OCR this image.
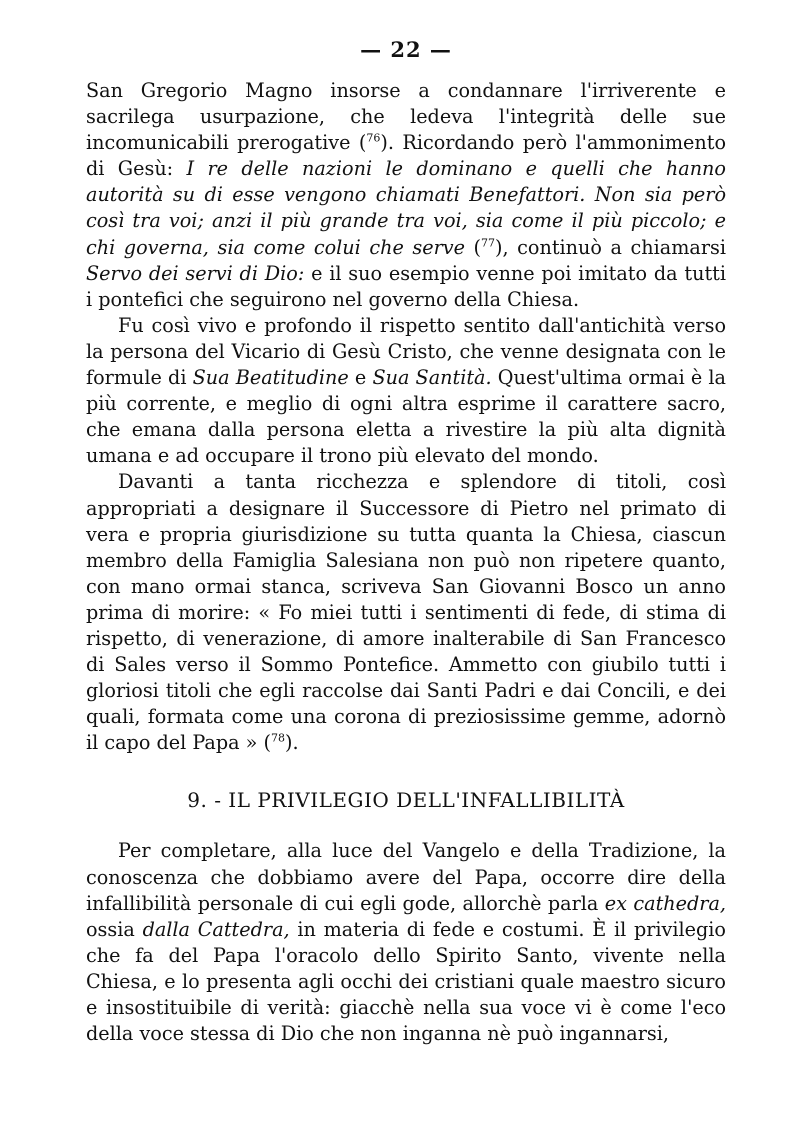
— 22 —

San Gregorio Magno insorse a condannare l'irriverente e sacrilega usurpazione, che ledeva l'integrità delle sue incomunicabili prerogative ($^{76}$). Ricordando però l'ammonimento di Gesù: I re delle nazioni le dominano e quelli che hanno autorità su di esse vengono chiamati Benefattori. Non sia però così tra voi; anzi il più grande tra voi, sia come il più piccolo; e chi governa, sia come colui che serve ($^{77}$), continuò a chiamarsi Servo dei servi di Dio: e il suo esempio venne poi imitato da tutti i pontefici che seguirono nel governo della Chiesa.

Fu così vivo e profondo il rispetto sentito dall'antichità verso la persona del Vicario di Gesù Cristo, che venne designata con le formule di Sua Beatitudine e Sua Santità. Quest'ultima ormai è la più corrente, e meglio di ogni altra esprime il carattere sacro, che emana dalla persona eletta a rivestire la più alta dignità umana e ad occupare il trono più elevato del mondo.

Davanti a tanta ricchezza e splendore di titoli, così appropriati a designare il Successore di Pietro nel primato di vera e propria giurisdizione su tutta quanta la Chiesa, ciascun membro della Famiglia Salesiana non può non ripetere quanto, con mano ormai stanca, scriveva San Giovanni Bosco un anno prima di morire: « Fo miei tutti i sentimenti di fede, di stima di rispetto, di venerazione, di amore inalterabile di San Francesco di Sales verso il Sommo Pontefice. Ammetto con giubilo tutti i gloriosi titoli che egli raccolse dai Santi Padri e dai Concili, e dei quali, formata come una corona di preziosissime gemme, adornò il capo del Papa » ($^{78}$).

9. - IL PRIVILEGIO DELL'INFALLIBILITÀ

Per completare, alla luce del Vangelo e della Tradizione, la conoscenza che dobbiamo avere del Papa, occorre dire della infallibilità personale di cui egli gode, allorchè parla ex cathedra, ossia dalla Cattedra, in materia di fede e costumi. È il privilegio che fa del Papa l'oracolo dello Spirito Santo, vivente nella Chiesa, e lo presenta agli occhi dei cristiani quale maestro sicuro e insostituibile di verità: giacchè nella sua voce vi è come l'eco della voce stessa di Dio che non inganna nè può ingannarsi,
